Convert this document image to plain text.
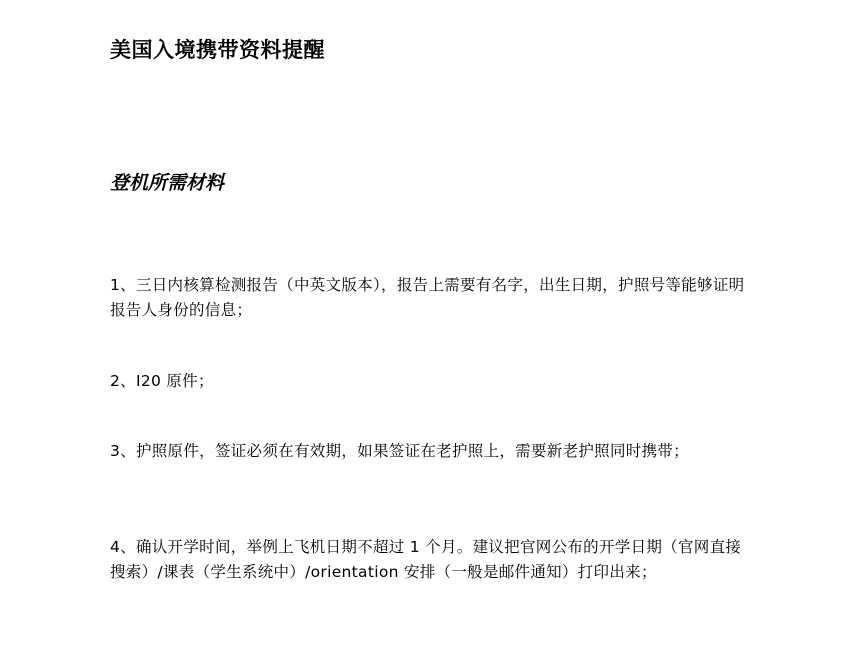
美国入境携带资料提醒
登机所需材料

1、三日内核算检测报告（中英文版本），报告上需要有名字，出生日期，护照号等能够证明报告人身份的信息；

2、I20 原件；

3、护照原件，签证必须在有效期，如果签证在老护照上，需要新老护照同时携带；

4、确认开学时间，举例上飞机日期不超过 1 个月。建议把官网公布的开学日期（官网直接搜索）/课表（学生系统中）/orientation 安排（一般是邮件通知）打印出来；
